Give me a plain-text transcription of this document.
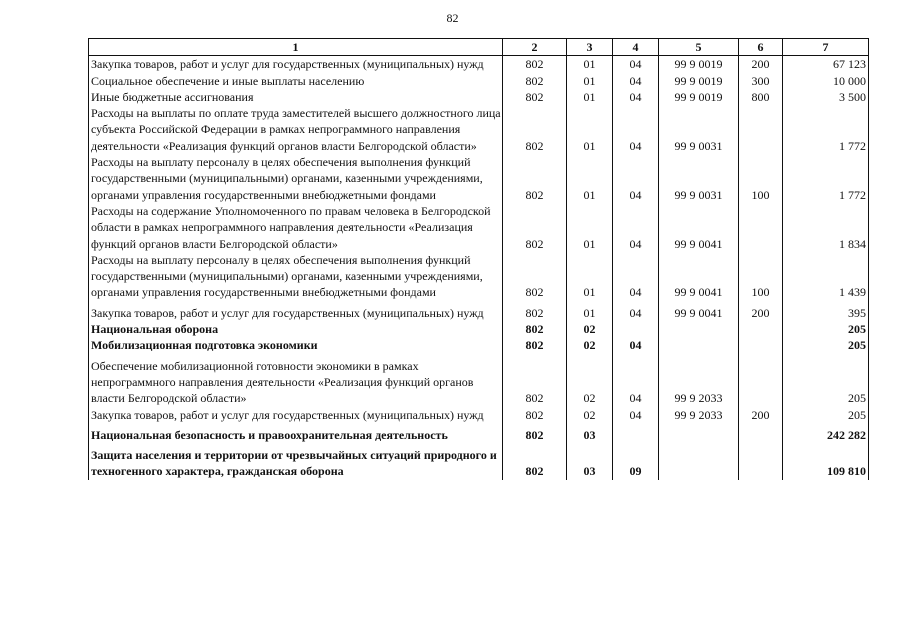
82
1	2	3	4	5	6	7
Закупка товаров, работ и услуг для государственных (муниципальных) нужд	802	01	04	99 9 0019	200	67 123
Социальное обеспечение и иные выплаты населению	802	01	04	99 9 0019	300	10 000
Иные бюджетные ассигнования	802	01	04	99 9 0019	800	3 500
Расходы на выплаты по оплате труда заместителей высшего должностного лица субъекта Российской Федерации в рамках непрограммного направления деятельности «Реализация функций органов власти Белгородской области»	802	01	04	99 9 0031		1 772
Расходы на выплату персоналу в целях обеспечения выполнения функций государственными (муниципальными) органами, казенными учреждениями, органами управления государственными внебюджетными фондами	802	01	04	99 9 0031	100	1 772
Расходы на содержание Уполномоченного по правам человека в Белгородской области в рамках непрограммного направления деятельности «Реализация функций органов власти Белгородской области»	802	01	04	99 9 0041		1 834
Расходы на выплату персоналу в целях обеспечения выполнения функций государственными (муниципальными) органами, казенными учреждениями, органами управления государственными внебюджетными фондами	802	01	04	99 9 0041	100	1 439
Закупка товаров, работ и услуг для государственных (муниципальных) нужд	802	01	04	99 9 0041	200	395
Национальная оборона	802	02				205
Мобилизационная подготовка экономики	802	02	04			205
Обеспечение мобилизационной готовности экономики в рамках непрограммного направления деятельности «Реализация функций органов власти Белгородской области»	802	02	04	99 9 2033		205
Закупка товаров, работ и услуг для государственных (муниципальных) нужд	802	02	04	99 9 2033	200	205
Национальная безопасность и правоохранительная деятельность	802	03				242 282
Защита населения и территории от чрезвычайных ситуаций природного и техногенного характера, гражданская оборона	802	03	09			109 810
